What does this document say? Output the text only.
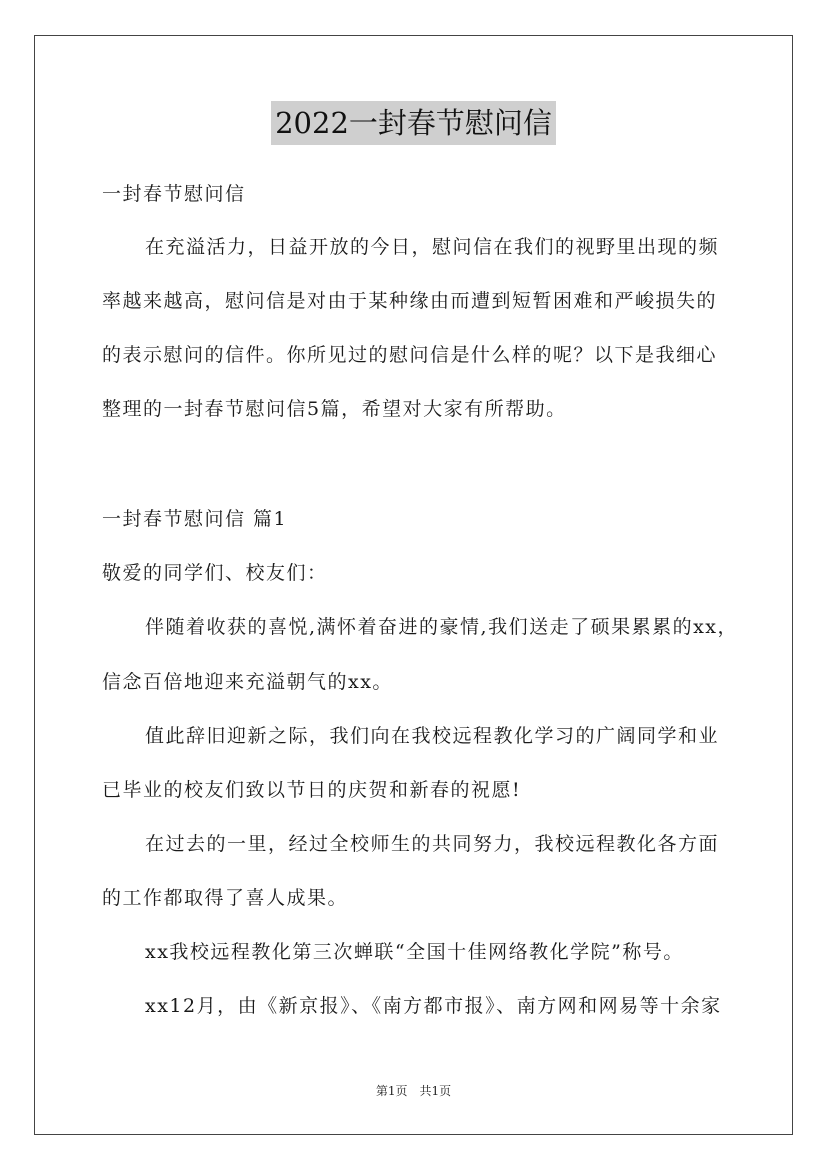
2022一封春节慰问信
一封春节慰问信
在充溢活力，日益开放的今日，慰问信在我们的视野里出现的频
率越来越高，慰问信是对由于某种缘由而遭到短暂困难和严峻损失的
的表示慰问的信件。你所见过的慰问信是什么样的呢？以下是我细心
整理的一封春节慰问信5篇，希望对大家有所帮助。
一封春节慰问信 篇1
敬爱的同学们、校友们：
伴随着收获的喜悦,满怀着奋进的豪情,我们送走了硕果累累的xx，
信念百倍地迎来充溢朝气的xx。
值此辞旧迎新之际，我们向在我校远程教化学习的广阔同学和业
已毕业的校友们致以节日的庆贺和新春的祝愿!
在过去的一里，经过全校师生的共同努力，我校远程教化各方面
的工作都取得了喜人成果。
xx我校远程教化第三次蝉联“全国十佳网络教化学院”称号。
xx12月，由《新京报》、《南方都市报》、南方网和网易等十余家
第1页　共1页
